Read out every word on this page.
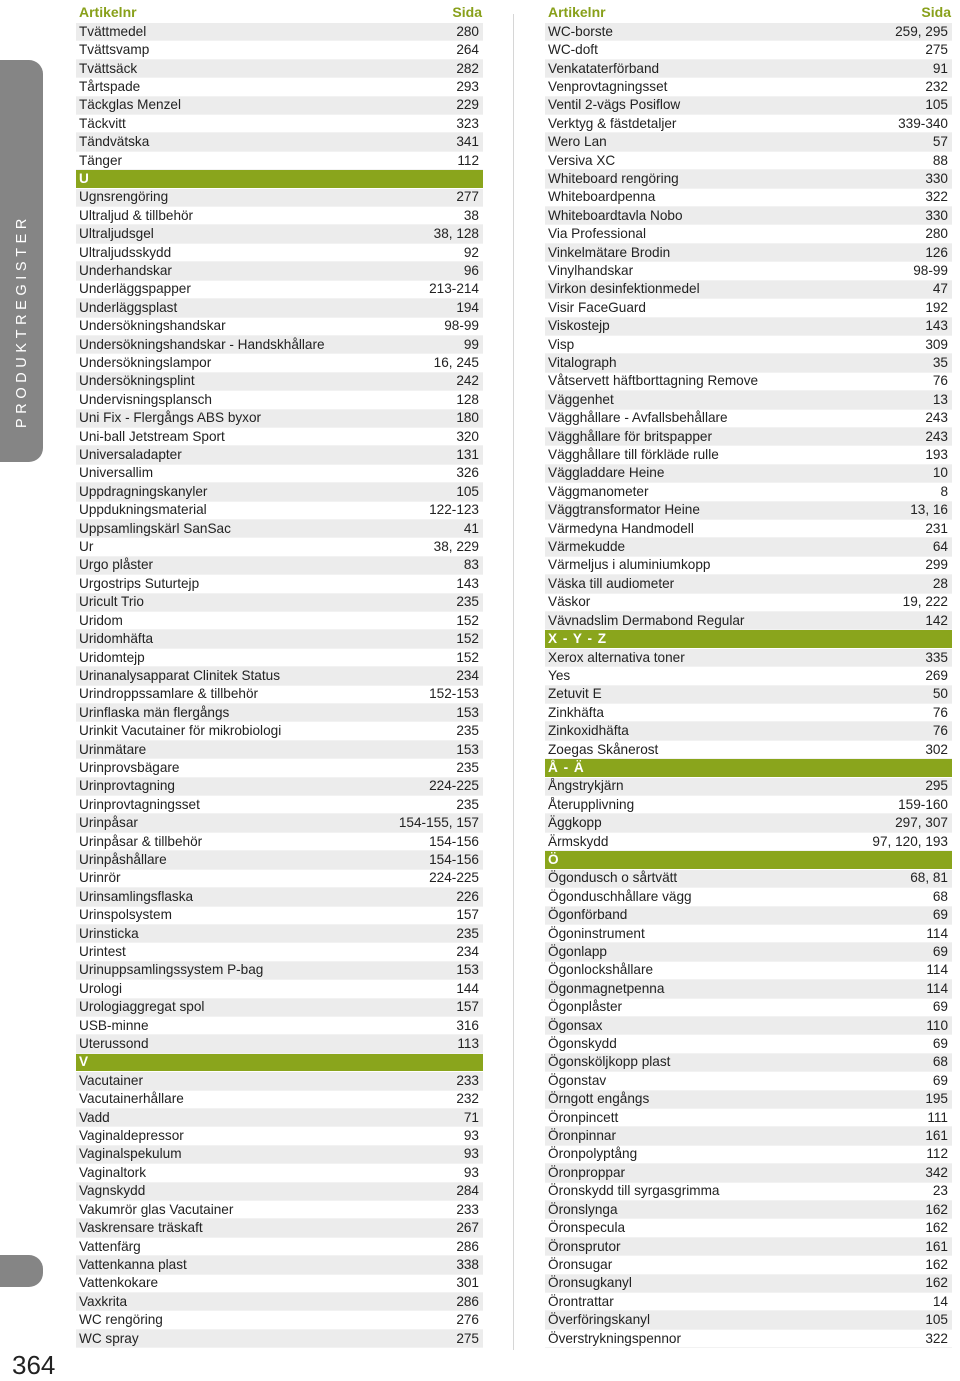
PRODUKTREGISTER
364
Artikelnr	Sida
Tvättmedel	280
Tvättsvamp	264
Tvättsäck	282
Tårtspade	293
Täckglas Menzel	229
Täckvitt	323
Tändvätska	341
Tänger	112
U
Ugnsrengöring	277
Ultraljud & tillbehör	38
Ultraljudsgel	38, 128
Ultraljudsskydd	92
Underhandskar	96
Underläggspapper	213-214
Underläggsplast	194
Undersökningshandskar	98-99
Undersökningshandskar - Handskhållare	99
Undersökningslampor	16, 245
Undersökningsplint	242
Undervisningsplansch	128
Uni Fix - Flergångs ABS byxor	180
Uni-ball Jetstream Sport	320
Universaladapter	131
Universallim	326
Uppdragningskanyler	105
Uppdukningsmaterial	122-123
Uppsamlingskärl SanSac	41
Ur	38, 229
Urgo plåster	83
Urgostrips Suturtejp	143
Uricult Trio	235
Uridom	152
Uridomhäfta	152
Uridomtejp	152
Urinanalysapparat Clinitek Status	234
Urindroppssamlare & tillbehör	152-153
Urinflaska män flergångs	153
Urinkit Vacutainer för mikrobiologi	235
Urinmätare	153
Urinprovsbägare	235
Urinprovtagning	224-225
Urinprovtagningsset	235
Urinpåsar	154-155, 157
Urinpåsar & tillbehör	154-156
Urinpåshållare	154-156
Urinrör	224-225
Urinsamlingsflaska	226
Urinspolsystem	157
Urinsticka	235
Urintest	234
Urinuppsamlingssystem P-bag	153
Urologi	144
Urologiaggregat spol	157
USB-minne	316
Uterussond	113
V
Vacutainer	233
Vacutainerhållare	232
Vadd	71
Vaginaldepressor	93
Vaginalspekulum	93
Vaginaltork	93
Vagnskydd	284
Vakumrör glas Vacutainer	233
Vaskrensare träskaft	267
Vattenfärg	286
Vattenkanna plast	338
Vattenkokare	301
Vaxkrita	286
WC rengöring	276
WC spray	275
Artikelnr	Sida
WC-borste	259, 295
WC-doft	275
Venkataterförband	91
Venprovtagningsset	232
Ventil 2-vägs Posiflow	105
Verktyg & fästdetaljer	339-340
Wero Lan	57
Versiva XC	88
Whiteboard rengöring	330
Whiteboardpenna	322
Whiteboardtavla Nobo	330
Via Professional	280
Vinkelmätare Brodin	126
Vinylhandskar	98-99
Virkon desinfektionmedel	47
Visir FaceGuard	192
Viskostejp	143
Visp	309
Vitalograph	35
Våtservett häftborttagning Remove	76
Väggenhet	13
Vägghållare - Avfallsbehållare	243
Vägghållare för britspapper	243
Vägghållare till förkläde rulle	193
Väggladdare Heine	10
Väggmanometer	8
Väggtransformator Heine	13, 16
Värmedyna Handmodell	231
Värmekudde	64
Värmeljus i aluminiumkopp	299
Väska till audiometer	28
Väskor	19, 222
Vävnadslim Dermabond Regular	142
X - Y - Z
Xerox alternativa toner	335
Yes	269
Zetuvit E	50
Zinkhäfta	76
Zinkoxidhäfta	76
Zoegas Skånerost	302
Å - Ä
Ångstrykjärn	295
Återupplivning	159-160
Äggkopp	297, 307
Ärmskydd	97, 120, 193
Ö
Ögondusch o sårtvätt	68, 81
Ögonduschhållare vägg	68
Ögonförband	69
Ögoninstrument	114
Ögonlapp	69
Ögonlockshållare	114
Ögonmagnetpenna	114
Ögonplåster	69
Ögonsax	110
Ögonskydd	69
Ögonsköljkopp plast	68
Ögonstav	69
Örngott engångs	195
Öronpincett	111
Öronpinnar	161
Öronpolyptång	112
Öronproppar	342
Öronskydd till syrgasgrimma	23
Öronslynga	162
Öronspecula	162
Öronsprutor	161
Öronsugar	162
Öronsugkanyl	162
Örontrattar	14
Överföringskanyl	105
Överstrykningspennor	322
